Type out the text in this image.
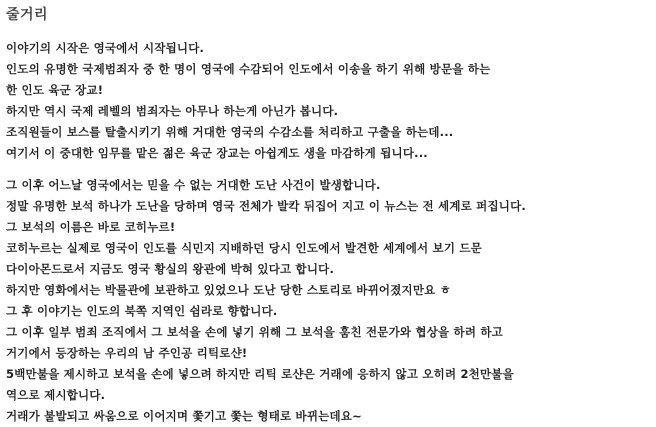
줄거리
이야기의 시작은 영국에서 시작됩니다.
인도의 유명한 국제범죄자 중 한 명이 영국에 수감되어 인도에서 이송을 하기 위해 방문을 하는
한 인도 육군 장교!
하지만 역시 국제 레벨의 범죄자는 아무나 하는게 아닌가 봅니다.
조직원들이 보스를 탈출시키기 위해 거대한 영국의 수감소를 처리하고 구출을 하는데...
여기서 이 중대한 임무를 맡은 젊은 육군 장교는 아쉽게도 생을 마감하게 됩니다...
그 이후 어느날 영국에서는 믿을 수 없는 거대한 도난 사건이 발생합니다.
정말 유명한 보석 하나가 도난을 당하며 영국 전체가 발칵 뒤집어 지고 이 뉴스는 전 세계로 퍼집니다.
그 보석의 이름은 바로 코히누르!
코히누르는 실제로 영국이 인도를 식민지 지배하던 당시 인도에서 발견한 세계에서 보기 드문
다이아몬드로서 지금도 영국 황실의 왕관에 박혀 있다고 합니다.
하지만 영화에서는 박물관에 보관하고 있었으나 도난 당한 스토리로 바뀌어졌지만요 ㅎ
그 후 이야기는 인도의 북쪽 지역인 쉼라로 향합니다.
그 이후 일부 범죄 조직에서 그 보석을 손에 넣기 위해 그 보석을 훔친 전문가와 협상을 하려 하고
거기에서 등장하는 우리의 남 주인공 리틱로샨!
5백만불을 제시하고 보석을 손에 넣으려 하지만 리틱 로샨은 거래에 응하지 않고 오히려 2천만불을
역으로 제시합니다.
거래가 불발되고 싸움으로 이어지며 쫓기고 쫓는 형태로 바뀌는데요~
